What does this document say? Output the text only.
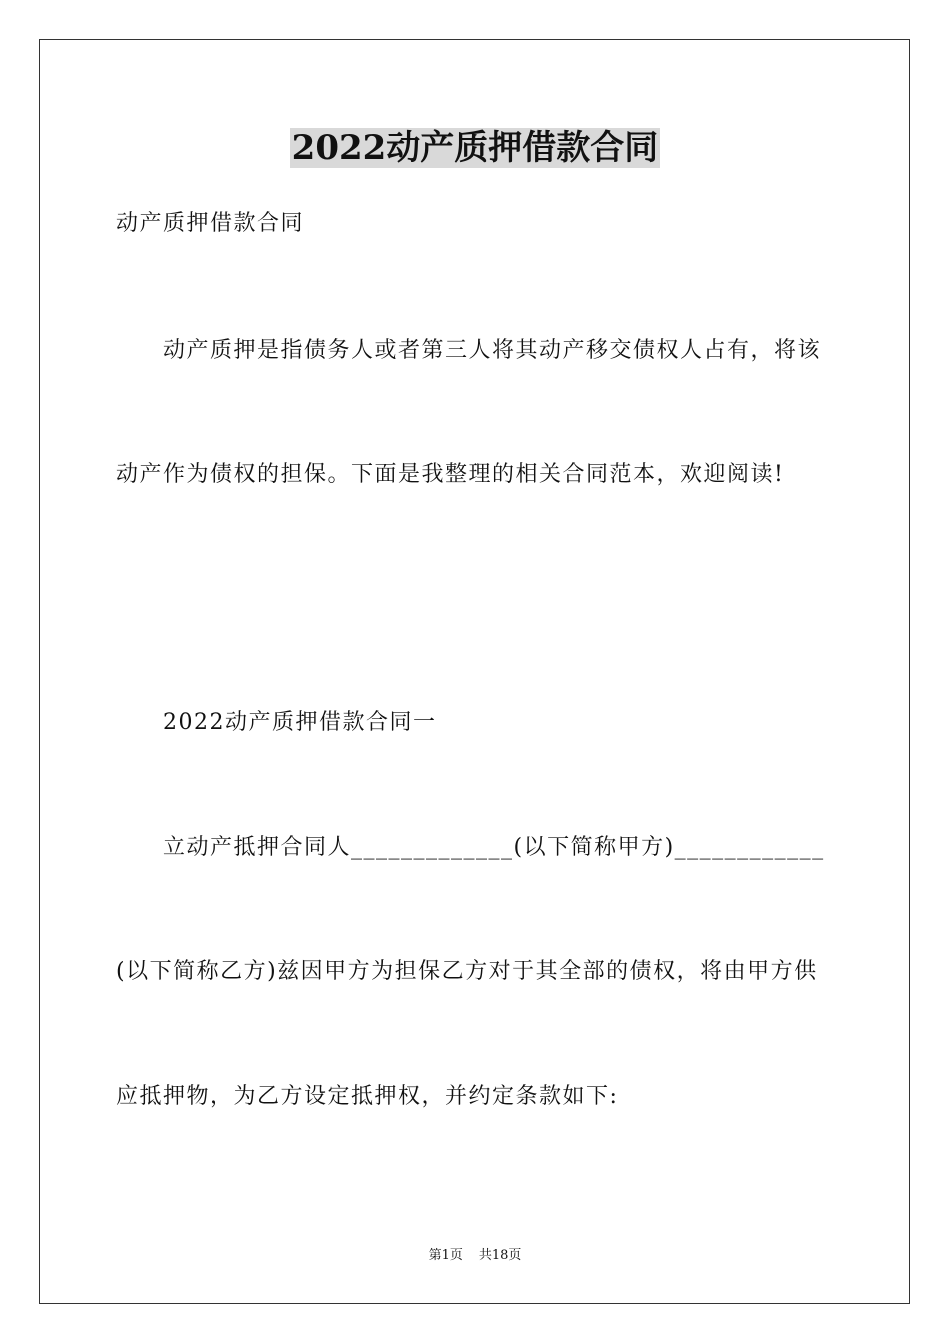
2022动产质押借款合同
动产质押借款合同
动产质押是指债务人或者第三人将其动产移交债权人占有，将该
动产作为债权的担保。下面是我整理的相关合同范本，欢迎阅读!
2022动产质押借款合同一
立动产抵押合同人_____________(以下简称甲方)____________
(以下简称乙方)兹因甲方为担保乙方对于其全部的债权，将由甲方供
应抵押物，为乙方设定抵押权，并约定条款如下:
第1页 共18页
